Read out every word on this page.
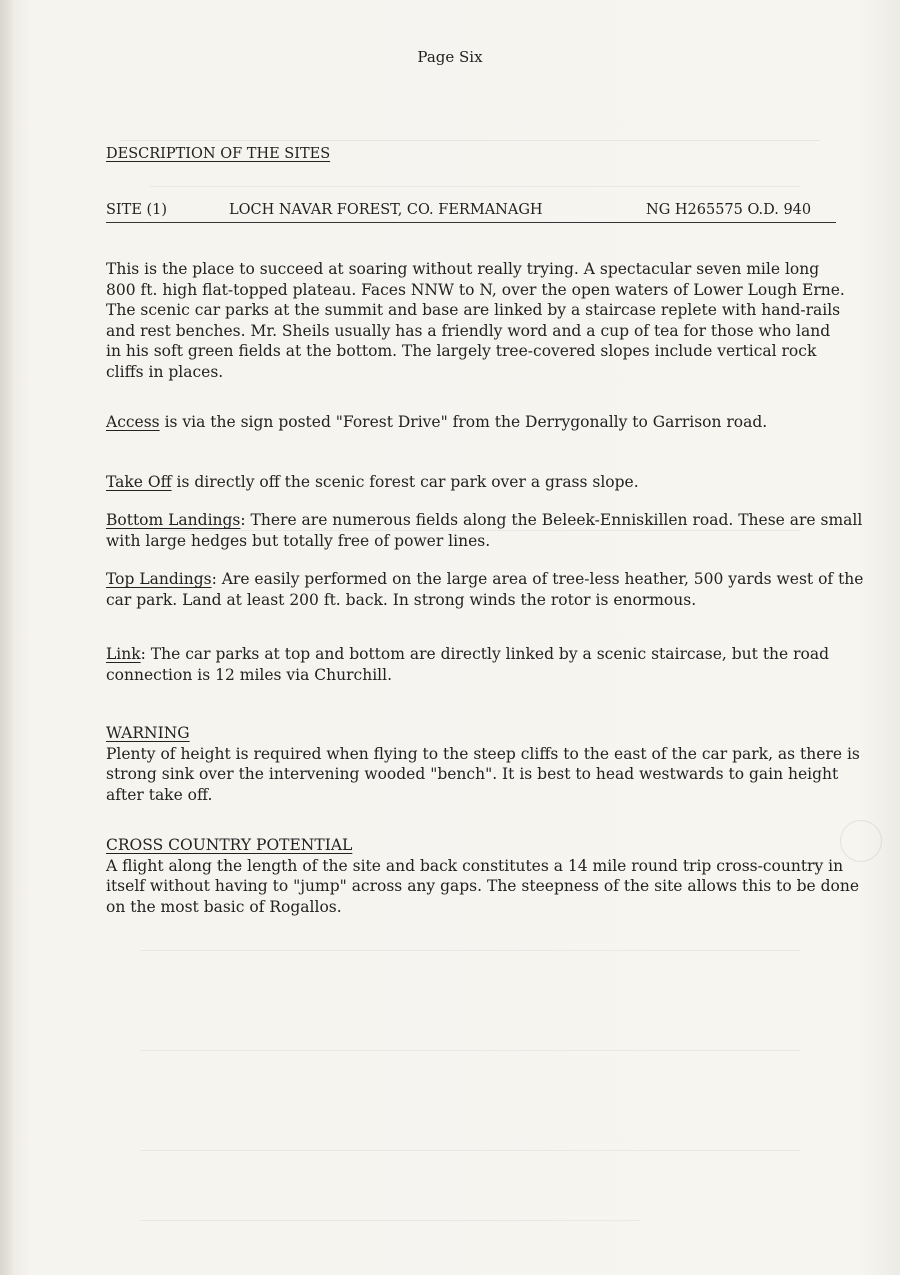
Page Six
DESCRIPTION OF THE SITES
SITE (1)	LOCH NAVAR FOREST, CO. FERMANAGH	NG H265575 O.D. 940

This is the place to succeed at soaring without really trying. A spectacular seven mile long 800 ft. high flat-topped plateau. Faces NNW to N, over the open waters of Lower Lough Erne. The scenic car parks at the summit and base are linked by a staircase replete with hand-rails and rest benches. Mr. Sheils usually has a friendly word and a cup of tea for those who land in his soft green fields at the bottom. The largely tree-covered slopes include vertical rock cliffs in places.

Access is via the sign posted "Forest Drive" from the Derrygonally to Garrison road.

Take Off is directly off the scenic forest car park over a grass slope.

Bottom Landings: There are numerous fields along the Beleek-Enniskillen road. These are small with large hedges but totally free of power lines.

Top Landings: Are easily performed on the large area of tree-less heather, 500 yards west of the car park. Land at least 200 ft. back. In strong winds the rotor is enormous.

Link: The car parks at top and bottom are directly linked by a scenic staircase, but the road connection is 12 miles via Churchill.

WARNING

Plenty of height is required when flying to the steep cliffs to the east of the car park, as there is strong sink over the intervening wooded "bench". It is best to head westwards to gain height after take off.

CROSS COUNTRY POTENTIAL

A flight along the length of the site and back constitutes a 14 mile round trip cross-country in itself without having to "jump" across any gaps. The steepness of the site allows this to be done on the most basic of Rogallos.
